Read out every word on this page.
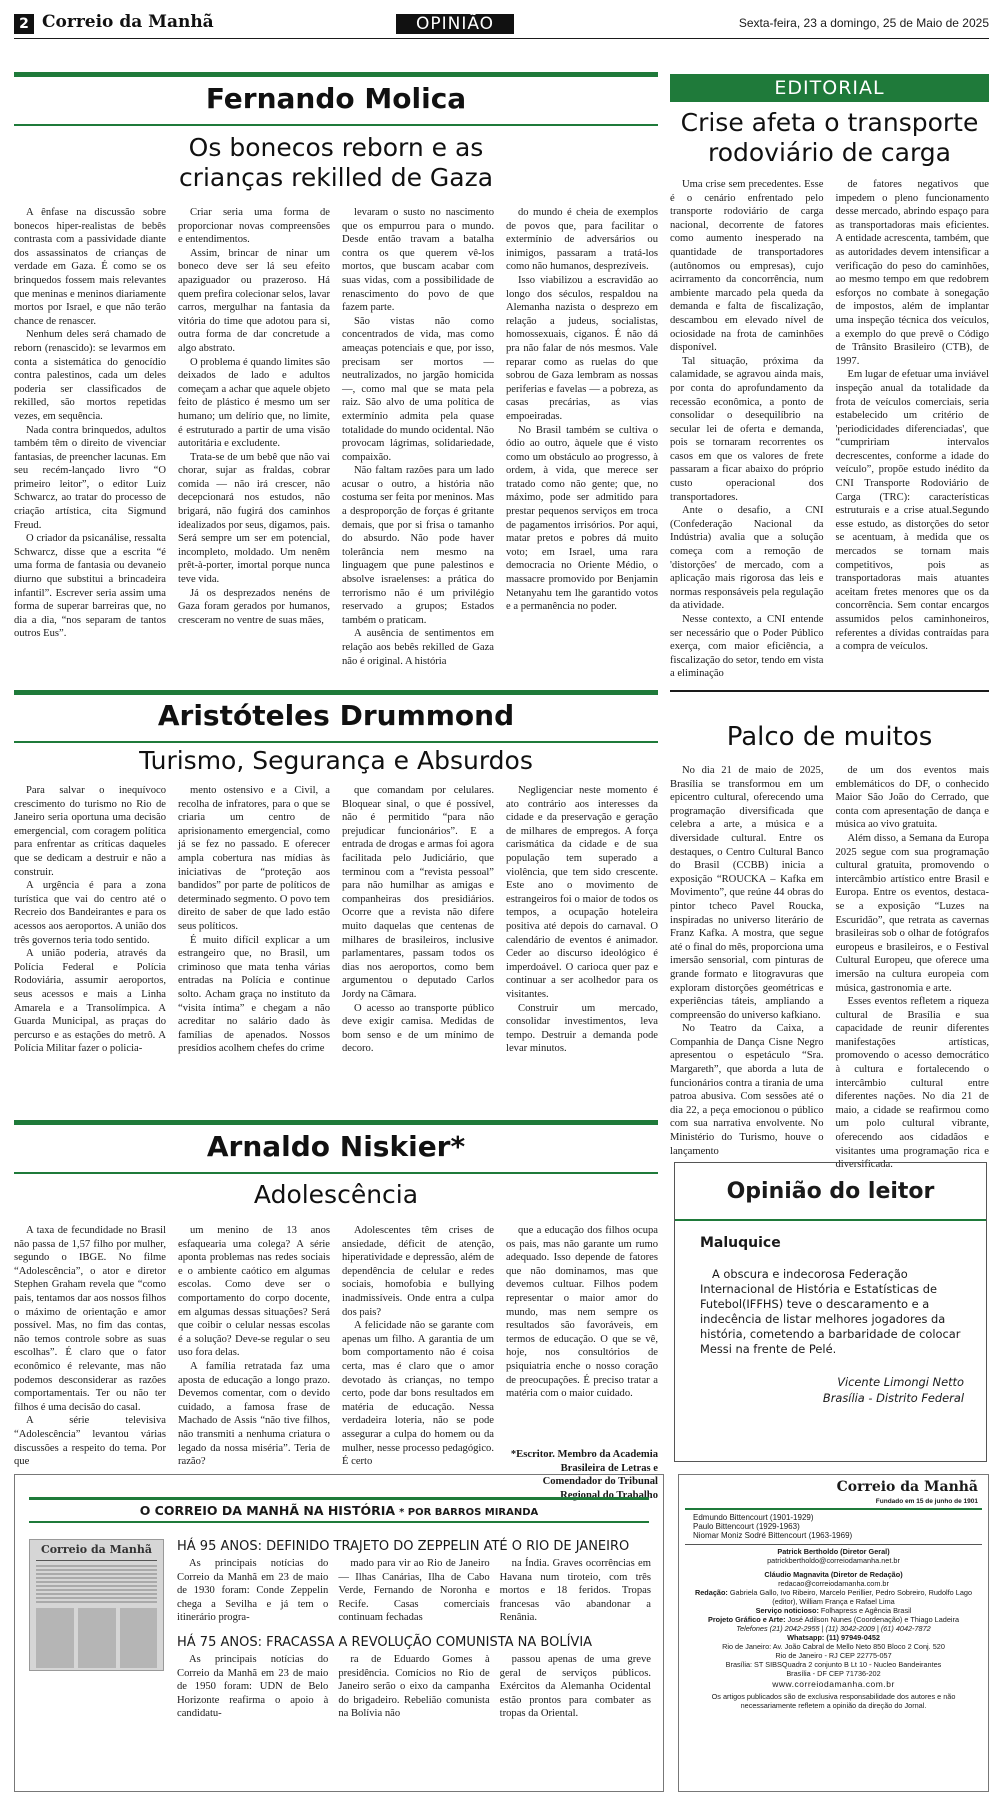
2 Correio da Manhã	OPINIÃO	Sexta-feira, 23 a domingo, 25 de Maio de 2025
Fernando Molica
Os bonecos reborn e as crianças rekilled de Gaza

A ênfase na discussão sobre bonecos hiper-realistas de bebês contrasta com a passividade diante dos assassinatos de crianças de verdade em Gaza. É como se os brinquedos fossem mais relevantes que meninas e meninos diariamente mortos por Israel, e que não terão chance de renascer.

Nenhum deles será chamado de reborn (renascido): se levarmos em conta a sistemática do genocídio contra palestinos, cada um deles poderia ser classificados de rekilled, são mortos repetidas vezes, em sequência.

Nada contra brinquedos, adultos também têm o direito de vivenciar fantasias, de preencher lacunas. Em seu recém-lançado livro “O primeiro leitor”, o editor Luiz Schwarcz, ao tratar do processo de criação artística, cita Sigmund Freud.

O criador da psicanálise, ressalta Schwarcz, disse que a escrita “é uma forma de fantasia ou devaneio diurno que substitui a brincadeira infantil”. Escrever seria assim uma forma de superar barreiras que, no dia a dia, “nos separam de tantos outros Eus”.

Criar seria uma forma de proporcionar novas compreensões e entendimentos.

Assim, brincar de ninar um boneco deve ser lá seu efeito apaziguador ou prazeroso. Há quem prefira colecionar selos, lavar carros, mergulhar na fantasia da vitória do time que adotou para si, outra forma de dar concretude a algo abstrato.

O problema é quando limites são deixados de lado e adultos começam a achar que aquele objeto feito de plástico é mesmo um ser humano; um delírio que, no limite, é estruturado a partir de uma visão autoritária e excludente.

Trata-se de um bebê que não vai chorar, sujar as fraldas, cobrar comida — não irá crescer, não decepcionará nos estudos, não brigará, não fugirá dos caminhos idealizados por seus, digamos, pais. Será sempre um ser em potencial, incompleto, moldado. Um nenêm prêt-à-porter, imortal porque nunca teve vida.

Já os desprezados nenéns de Gaza foram gerados por humanos, cresceram no ventre de suas mães,

levaram o susto no nascimento que os empurrou para o mundo. Desde então travam a batalha contra os que querem vê-los mortos, que buscam acabar com suas vidas, com a possibilidade de renascimento do povo de que fazem parte.

São vistas não como concentrados de vida, mas como ameaças potenciais e que, por isso, precisam ser mortos — neutralizados, no jargão homicida —, como mal que se mata pela raiz. São alvo de uma política de extermínio admita pela quase totalidade do mundo ocidental. Não provocam lágrimas, solidariedade, compaixão.

Não faltam razões para um lado acusar o outro, a história não costuma ser feita por meninos. Mas a desproporção de forças é gritante demais, que por si frisa o tamanho do absurdo. Não pode haver tolerância nem mesmo na linguagem que pune palestinos e absolve israelenses: a prática do terrorismo não é um privilégio reservado a grupos; Estados também o praticam.

A ausência de sentimentos em relação aos bebês rekilled de Gaza não é original. A história

do mundo é cheia de exemplos de povos que, para facilitar o extermínio de adversários ou inimigos, passaram a tratá-los como não humanos, desprezíveis.

Isso viabilizou a escravidão ao longo dos séculos, respaldou na Alemanha nazista o desprezo em relação a judeus, socialistas, homossexuais, ciganos. É não dá pra não falar de nós mesmos. Vale reparar como as ruelas do que sobrou de Gaza lembram as nossas periferias e favelas — a pobreza, as casas precárias, as vias empoeiradas.

No Brasil também se cultiva o ódio ao outro, àquele que é visto como um obstáculo ao progresso, à ordem, à vida, que merece ser tratado como não gente; que, no máximo, pode ser admitido para prestar pequenos serviços em troca de pagamentos irrisórios. Por aqui, matar pretos e pobres dá muito voto; em Israel, uma rara democracia no Oriente Médio, o massacre promovido por Benjamin Netanyahu tem lhe garantido votos e a permanência no poder.

EDITORIAL
Crise afeta o transporte rodoviário de carga

Uma crise sem precedentes. Esse é o cenário enfrentado pelo transporte rodoviário de carga nacional, decorrente de fatores como aumento inesperado na quantidade de transportadores (autônomos ou empresas), cujo acirramento da concorrência, num ambiente marcado pela queda da demanda e falta de fiscalização, descambou em elevado nível de ociosidade na frota de caminhões disponível.

Tal situação, próxima da calamidade, se agravou ainda mais, por conta do aprofundamento da recessão econômica, a ponto de consolidar o desequilíbrio na secular lei de oferta e demanda, pois se tornaram recorrentes os casos em que os valores de frete passaram a ficar abaixo do próprio custo operacional dos transportadores.

Ante o desafio, a CNI (Confederação Nacional da Indústria) avalia que a solução começa com a remoção de 'distorções' de mercado, com a aplicação mais rigorosa das leis e normas responsáveis pela regulação da atividade.

Nesse contexto, a CNI entende ser necessário que o Poder Público exerça, com maior eficiência, a fiscalização do setor, tendo em vista a eliminação

de fatores negativos que impedem o pleno funcionamento desse mercado, abrindo espaço para as transportadoras mais eficientes. A entidade acrescenta, também, que as autoridades devem intensificar a verificação do peso do caminhões, ao mesmo tempo em que redobrem esforços no combate à sonegação de impostos, além de implantar uma inspeção técnica dos veículos, a exemplo do que prevê o Código de Trânsito Brasileiro (CTB), de 1997.

Em lugar de efetuar uma inviável inspeção anual da totalidade da frota de veículos comerciais, seria estabelecido um critério de 'periodicidades diferenciadas', que “cumpririam intervalos decrescentes, conforme a idade do veículo”, propõe estudo inédito da CNI Transporte Rodoviário de Carga (TRC): características estruturais e a crise atual.Segundo esse estudo, as distorções do setor se acentuam, à medida que os mercados se tornam mais competitivos, pois as transportadoras mais atuantes aceitam fretes menores que os da concorrência. Sem contar encargos assumidos pelos caminhoneiros, referentes a dívidas contraídas para a compra de veículos.

Aristóteles Drummond
Turismo, Segurança e Absurdos

Para salvar o inequívoco crescimento do turismo no Rio de Janeiro seria oportuna uma decisão emergencial, com coragem política para enfrentar as críticas daqueles que se dedicam a destruir e não a construir.

A urgência é para a zona turística que vai do centro até o Recreio dos Bandeirantes e para os acessos aos aeroportos. A união dos três governos teria todo sentido.

A união poderia, através da Polícia Federal e Polícia Rodoviária, assumir aeroportos, seus acessos e mais a Linha Amarela e a Transolímpica. A Guarda Municipal, as praças do percurso e as estações do metrô. A Polícia Militar fazer o policia-

mento ostensivo e a Civil, a recolha de infratores, para o que se criaria um centro de aprisionamento emergencial, como já se fez no passado. E oferecer ampla cobertura nas mídias às iniciativas de “proteção aos bandidos” por parte de políticos de determinado segmento. O povo tem direito de saber de que lado estão seus políticos.

É muito difícil explicar a um estrangeiro que, no Brasil, um criminoso que mata tenha várias entradas na Polícia e continue solto. Acham graça no instituto da “visita íntima” e chegam a não acreditar no salário dado às famílias de apenados. Nossos presídios acolhem chefes do crime

que comandam por celulares. Bloquear sinal, o que é possível, não é permitido “para não prejudicar funcionários”. E a entrada de drogas e armas foi agora facilitada pelo Judiciário, que terminou com a “revista pessoal” para não humilhar as amigas e companheiras dos presidiários. Ocorre que a revista não difere muito daquelas que centenas de milhares de brasileiros, inclusive parlamentares, passam todos os dias nos aeroportos, como bem argumentou o deputado Carlos Jordy na Câmara.

O acesso ao transporte público deve exigir camisa. Medidas de bom senso e de um mínimo de decoro.

Negligenciar neste momento é ato contrário aos interesses da cidade e da preservação e geração de milhares de empregos. A força carismática da cidade e de sua população tem superado a violência, que tem sido crescente. Este ano o movimento de estrangeiros foi o maior de todos os tempos, a ocupação hoteleira positiva até depois do carnaval. O calendário de eventos é animador. Ceder ao discurso ideológico é imperdoável. O carioca quer paz e continuar a ser acolhedor para os visitantes.

Construir um mercado, consolidar investimentos, leva tempo. Destruir a demanda pode levar minutos.

Palco de muitos

No dia 21 de maio de 2025, Brasília se transformou em um epicentro cultural, oferecendo uma programação diversificada que celebra a arte, a música e a diversidade cultural. Entre os destaques, o Centro Cultural Banco do Brasil (CCBB) inicia a exposição “ROUCKA – Kafka em Movimento”, que reúne 44 obras do pintor tcheco Pavel Roucka, inspiradas no universo literário de Franz Kafka. A mostra, que segue até o final do mês, proporciona uma imersão sensorial, com pinturas de grande formato e litogravuras que exploram distorções geométricas e experiências táteis, ampliando a compreensão do universo kafkiano.

No Teatro da Caixa, a Companhia de Dança Cisne Negro apresentou o espetáculo “Sra. Margareth”, que aborda a luta de funcionários contra a tirania de uma patroa abusiva. Com sessões até o dia 22, a peça emocionou o público com sua narrativa envolvente. No Ministério do Turismo, houve o lançamento

de um dos eventos mais emblemáticos do DF, o conhecido Maior São João do Cerrado, que conta com apresentação de dança e música ao vivo gratuita.

Além disso, a Semana da Europa 2025 segue com sua programação cultural gratuita, promovendo o intercâmbio artístico entre Brasil e Europa. Entre os eventos, destaca-se a exposição “Luzes na Escuridão”, que retrata as cavernas brasileiras sob o olhar de fotógrafos europeus e brasileiros, e o Festival Cultural Europeu, que oferece uma imersão na cultura europeia com música, gastronomia e arte.

Esses eventos refletem a riqueza cultural de Brasília e sua capacidade de reunir diferentes manifestações artísticas, promovendo o acesso democrático à cultura e fortalecendo o intercâmbio cultural entre diferentes nações. No dia 21 de maio, a cidade se reafirmou como um polo cultural vibrante, oferecendo aos cidadãos e visitantes uma programação rica e diversificada.

Arnaldo Niskier*
Adolescência

A taxa de fecundidade no Brasil não passa de 1,57 filho por mulher, segundo o IBGE. No filme “Adolescência”, o ator e diretor Stephen Graham revela que “como pais, tentamos dar aos nossos filhos o máximo de orientação e amor possível. Mas, no fim das contas, não temos controle sobre as suas escolhas”. É claro que o fator econômico é relevante, mas não podemos desconsiderar as razões comportamentais. Ter ou não ter filhos é uma decisão do casal.

A série televisiva “Adolescência” levantou várias discussões a respeito do tema. Por que

um menino de 13 anos esfaquearia uma colega? A série aponta problemas nas redes sociais e o ambiente caótico em algumas escolas. Como deve ser o comportamento do corpo docente, em algumas dessas situações? Será que coibir o celular nessas escolas é a solução? Deve-se regular o seu uso fora delas.

A família retratada faz uma aposta de educação a longo prazo. Devemos comentar, com o devido cuidado, a famosa frase de Machado de Assis “não tive filhos, não transmiti a nenhuma criatura o legado da nossa miséria”. Teria de razão?

Adolescentes têm crises de ansiedade, déficit de atenção, hiperatividade e depressão, além de dependência de celular e redes sociais, homofobia e bullying inadmissíveis. Onde entra a culpa dos pais?

A felicidade não se garante com apenas um filho. A garantia de um bom comportamento não é coisa certa, mas é claro que o amor devotado às crianças, no tempo certo, pode dar bons resultados em matéria de educação. Nessa verdadeira loteria, não se pode assegurar a culpa do homem ou da mulher, nesse processo pedagógico. É certo

que a educação dos filhos ocupa os pais, mas não garante um rumo adequado. Isso depende de fatores que não dominamos, mas que devemos cultuar. Filhos podem representar o maior amor do mundo, mas nem sempre os resultados são favoráveis, em termos de educação. O que se vê, hoje, nos consultórios de psiquiatria enche o nosso coração de preocupações. É preciso tratar a matéria com o maior cuidado.

*Escritor. Membro da Academia Brasileira de Letras e Comendador do Tribunal Regional do Trabalho
Opinião do leitor
Maluquice
A obscura e indecorosa Federação Internacional de História e Estatísticas de Futebol(IFFHS) teve o descaramento e a indecência de listar melhores jogadores da história, cometendo a barbaridade de colocar Messi na frente de Pelé.
Vicente Limongi Netto
Brasília - Distrito Federal
O CORREIO DA MANHÃ NA HISTÓRIA * POR BARROS MIRANDA
Correio da Manhã	HÁ 95 ANOS: DEFINIDO TRAJETO DO ZEPPELIN ATÉ O RIO DE JANEIRO

As principais notícias do Correio da Manhã em 23 de maio de 1930 foram: Conde Zeppelin chega a Sevilha e já tem o itinerário progra-

mado para vir ao Rio de Janeiro — Ilhas Canárias, Ilha de Cabo Verde, Fernando de Noronha e Recife. Casas comerciais continuam fechadas

na Índia. Graves ocorrências em Havana num tiroteio, com três mortos e 18 feridos. Tropas francesas vão abandonar a Renânia.

HÁ 75 ANOS: FRACASSA A REVOLUÇÃO COMUNISTA NA BOLÍVIA

As principais notícias do Correio da Manhã em 23 de maio de 1950 foram: UDN de Belo Horizonte reafirma o apoio à candidatu-

ra de Eduardo Gomes à presidência. Comícios no Rio de Janeiro serão o eixo da campanha do brigadeiro. Rebelião comunista na Bolívia não

passou apenas de uma greve geral de serviços públicos. Exércitos da Alemanha Ocidental estão prontos para combater as tropas da Oriental.

Correio da Manhã
Fundado em 15 de junho de 1901
Edmundo Bittencourt (1901-1929)
Paulo Bittencourt (1929-1963)
Niomar Moniz Sodré Bittencourt (1963-1969)
Patrick Bertholdo (Diretor Geral)
patrickbertholdo@correiodamanha.net.br
Cláudio Magnavita (Diretor de Redação)
redacao@correiodamanha.com.br
Redação: Gabriela Gallo, Ivo Ribeiro, Marcelo Perillier, Pedro Sobreiro, Rudolfo Lago (editor), William França e Rafael Lima
Serviço noticioso: Folhapress e Agência Brasil
Projeto Gráfico e Arte: José Adilson Nunes (Coordenação) e Thiago Ladeira
Telefones (21) 2042-2955 | (11) 3042-2009 | (61) 4042-7872
Whatsapp: (11) 97949-0452
Rio de Janeiro: Av. João Cabral de Mello Neto 850 Bloco 2 Conj. 520
Rio de Janeiro - RJ CEP 22775-057
Brasília: ST SIBSQuadra 2 conjunto B Lt 10 - Nucleo Bandeirantes
Brasília - DF CEP 71736-202
www.correiodamanha.com.br
Os artigos publicados são de exclusiva responsabilidade dos autores e não necessariamente refletem a opinião da direção do Jornal.
